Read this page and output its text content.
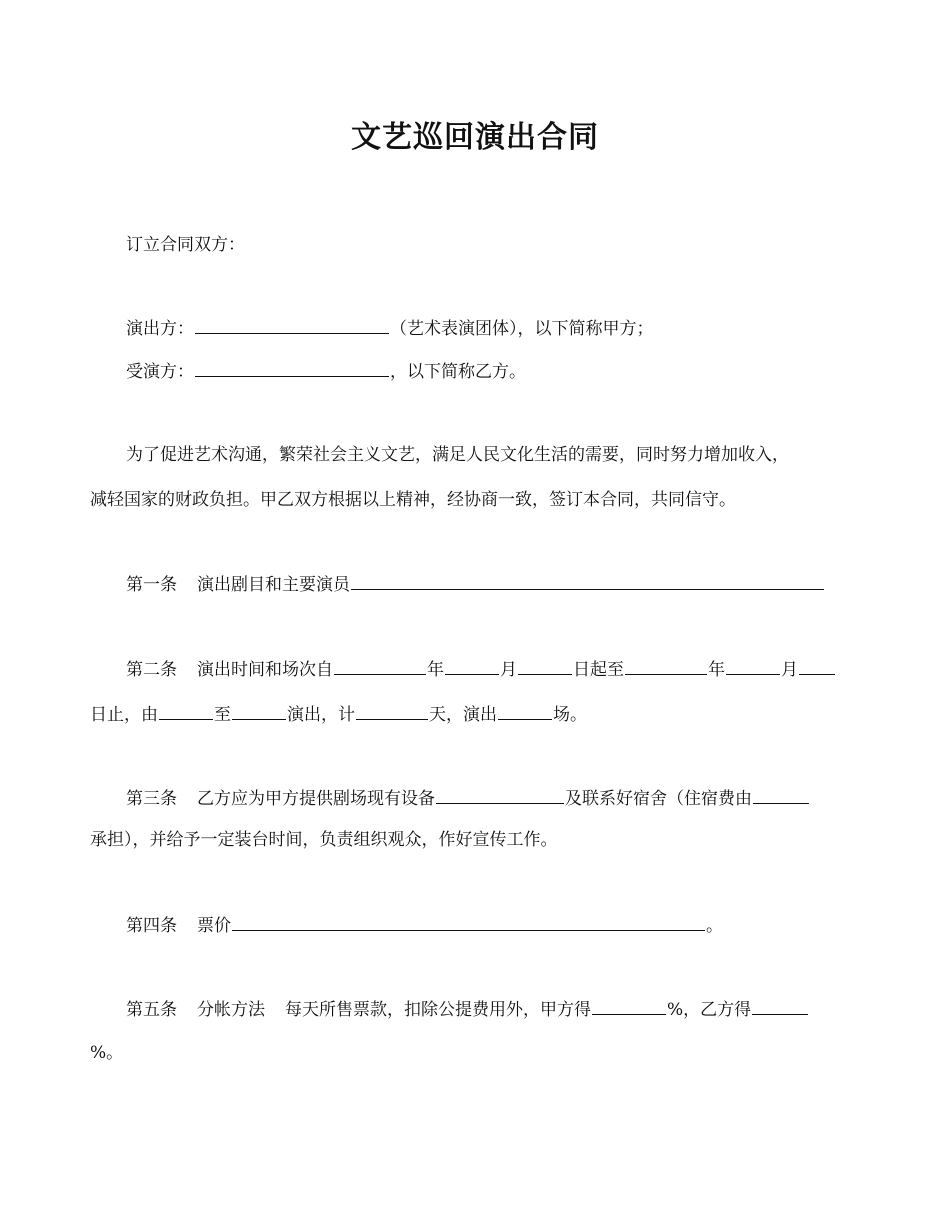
文艺巡回演出合同

订立合同双方：

演出方：	（艺术表演团体），以下简称甲方；

受演方：	，以下简称乙方。

为了促进艺术沟通，繁荣社会主义文艺，满足人民文化生活的需要，同时努力增加收入，

减轻国家的财政负担。甲乙双方根据以上精神，经协商一致，签订本合同，共同信守。

第一条 演出剧目和主要演员

第二条 演出时间和场次自	年	月	日起至	年	月

日止，由	至	演出，计	天，演出	场。

第三条 乙方应为甲方提供剧场现有设备	及联系好宿舍（住宿费由

承担），并给予一定装台时间，负责组织观众，作好宣传工作。

第四条 票价	。

第五条 分帐方法 每天所售票款，扣除公提费用外，甲方得	%，乙方得

%。
